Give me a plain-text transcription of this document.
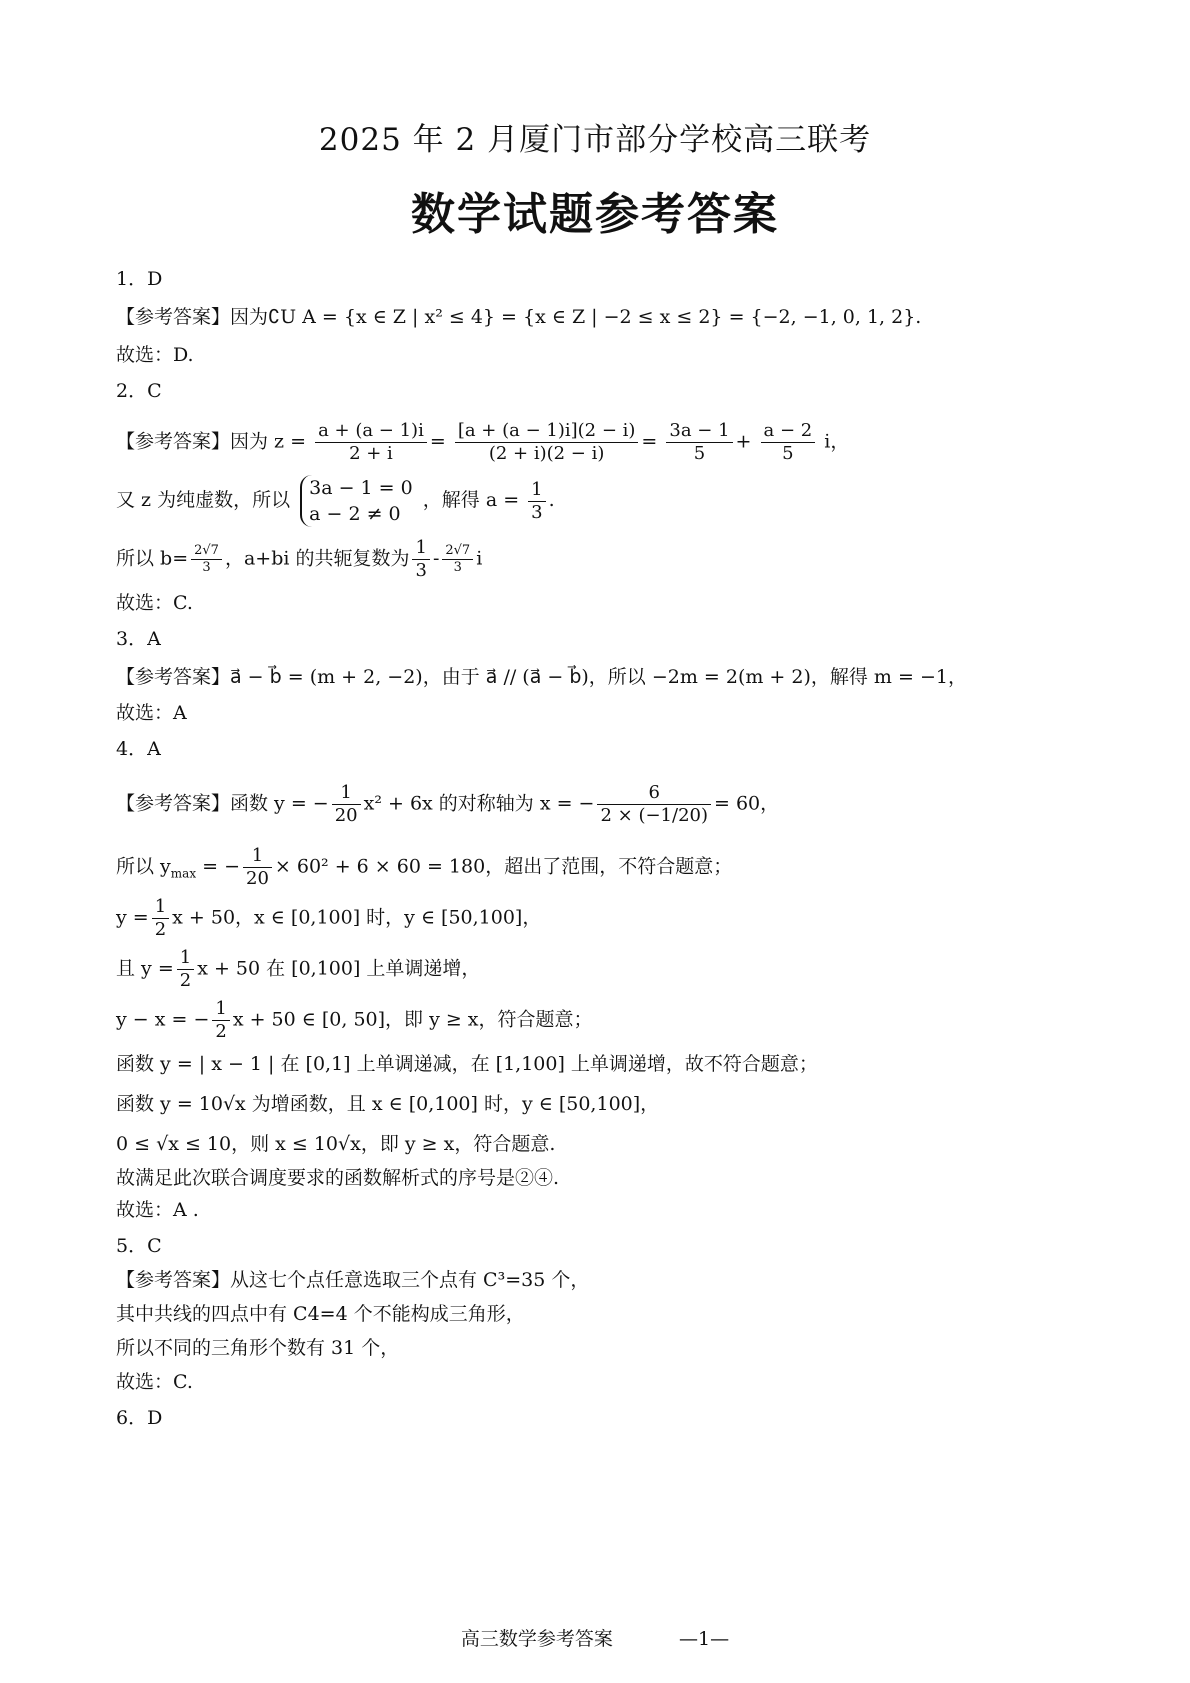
2025 年 2 月厦门市部分学校高三联考
数学试题参考答案

1．D

【参考答案】因为∁U A = {x ∈ Z | x² ≤ 4} = {x ∈ Z | −2 ≤ x ≤ 2} = {−2, −1, 0, 1, 2}.

故选：D.

2．C

【参考答案】因为 $z = \frac{a + (a - 1)i}{2 + i} = \frac{[a + (a - 1)i](2 - i)}{(2 + i)(2 - i)} = \frac{3a - 1}{5} + \frac{a - 2}{5}$ i，
又 z 为纯虚数，所以
3a − 1 = 0
a − 2 ≠ 0
，解得 $a = \frac{1}{3}$ .
所以 $b= \frac{2√7}{3}$ ，a+bi 的共轭复数为 $\frac{1}{3} - \frac{2√7}{3}$ i

故选：C.

3．A

【参考答案】a⃗ − b⃗ = (m + 2, −2)，由于 a⃗ // (a⃗ − b⃗)，所以 −2m = 2(m + 2)，解得 m = −1，

故选：A

4．A

【参考答案】函数 y = − $\frac{1}{20} x^2 + 6x$ 的对称轴为 x = − $\frac{6}{2 \times (-1/20)} = 60$，
所以 $y_{max}$ = − $\frac{1}{20} \times 60^2 + 6 \times 60 = 180$，超出了范围，不符合题意；
$y = \frac{1}{2}$ x + 50，x ∈ [0,100] 时，y ∈ [50,100]，
且 $y = \frac{1}{2}$ x + 50 在 [0,100] 上单调递增，
y − x = − $\frac{1}{2}$ x + 50 ∈ [0, 50]，即 y ≥ x，符合题意；

函数 y = | x − 1 | 在 [0,1] 上单调递减，在 [1,100] 上单调递增，故不符合题意；

函数 y = 10√x 为增函数，且 x ∈ [0,100] 时，y ∈ [50,100]，

0 ≤ √x ≤ 10，则 x ≤ 10√x，即 y ≥ x，符合题意.

故满足此次联合调度要求的函数解析式的序号是②④.

故选：A .

5．C

【参考答案】从这七个点任意选取三个点有 C³=35 个，

其中共线的四点中有 C4=4 个不能构成三角形，

所以不同的三角形个数有 31 个，

故选：C.

6．D

高三数学参考答案	—1—
